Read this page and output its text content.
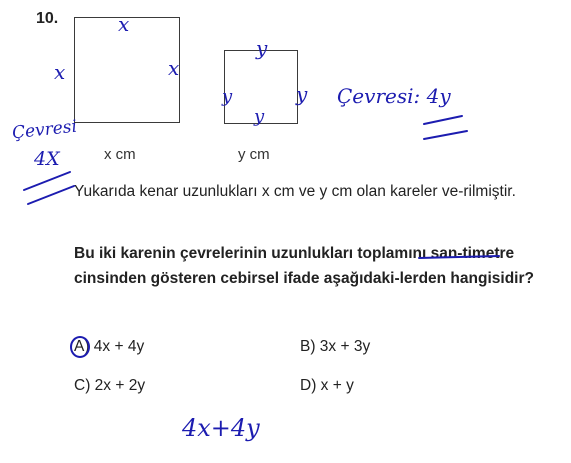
10.
x cm	y cm
Yukarıda kenar uzunlukları x cm ve y cm olan kareler ve-rilmiştir.
Bu iki karenin çevrelerinin uzunlukları toplamını san-timetre cinsinden gösteren cebirsel ifade aşağıdaki-lerden hangisidir?
A) 4x + 4y	B) 3x + 3y
C) 2x + 2y	D) x + y
x
x	x
y
y
y
y
Çevresi
4X
Çevresi: 4y
4x+4y
